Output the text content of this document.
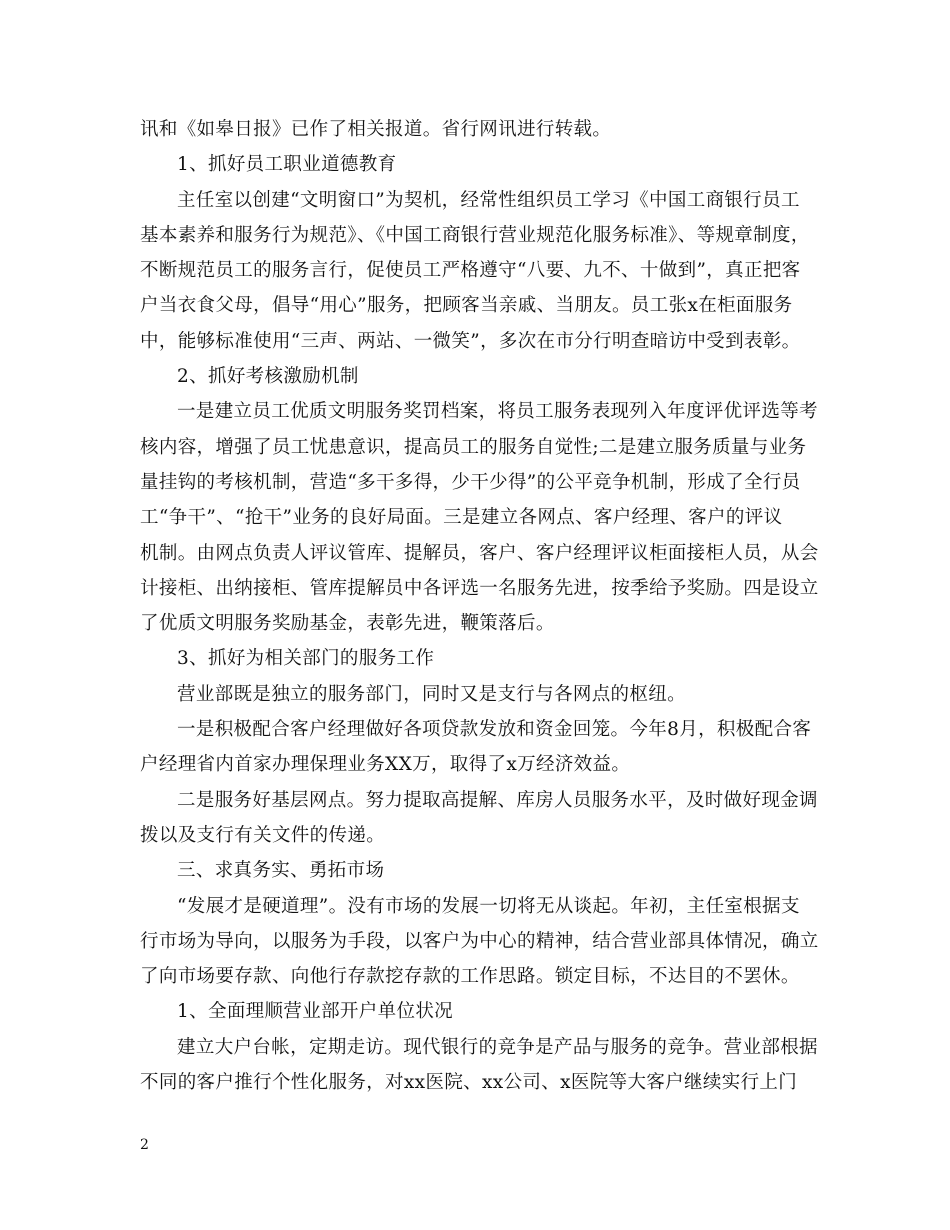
讯和《如皋日报》已作了相关报道。省行网讯进行转载。
1、抓好员工职业道德教育
主任室以创建“文明窗口”为契机，经常性组织员工学习《中国工商银行员工
基本素养和服务行为规范》、《中国工商银行营业规范化服务标准》、等规章制度，
不断规范员工的服务言行，促使员工严格遵守“八要、九不、十做到”，真正把客
户当衣食父母，倡导“用心”服务，把顾客当亲戚、当朋友。员工张x在柜面服务
中，能够标准使用“三声、两站、一微笑”，多次在市分行明查暗访中受到表彰。
2、抓好考核激励机制
一是建立员工优质文明服务奖罚档案，将员工服务表现列入年度评优评选等考
核内容，增强了员工忧患意识，提高员工的服务自觉性;二是建立服务质量与业务
量挂钩的考核机制，营造“多干多得，少干少得”的公平竞争机制，形成了全行员
工“争干”、“抢干”业务的良好局面。三是建立各网点、客户经理、客户的评议
机制。由网点负责人评议管库、提解员，客户、客户经理评议柜面接柜人员，从会
计接柜、出纳接柜、管库提解员中各评选一名服务先进，按季给予奖励。四是设立
了优质文明服务奖励基金，表彰先进，鞭策落后。
3、抓好为相关部门的服务工作
营业部既是独立的服务部门，同时又是支行与各网点的枢纽。
一是积极配合客户经理做好各项贷款发放和资金回笼。今年8月，积极配合客
户经理省内首家办理保理业务XX万，取得了x万经济效益。
二是服务好基层网点。努力提取高提解、库房人员服务水平，及时做好现金调
拨以及支行有关文件的传递。
三、求真务实、勇拓市场
“发展才是硬道理”。没有市场的发展一切将无从谈起。年初，主任室根据支
行市场为导向，以服务为手段，以客户为中心的精神，结合营业部具体情况，确立
了向市场要存款、向他行存款挖存款的工作思路。锁定目标，不达目的不罢休。
1、全面理顺营业部开户单位状况
建立大户台帐，定期走访。现代银行的竞争是产品与服务的竞争。营业部根据
不同的客户推行个性化服务，对xx医院、xx公司、x医院等大客户继续实行上门
2
